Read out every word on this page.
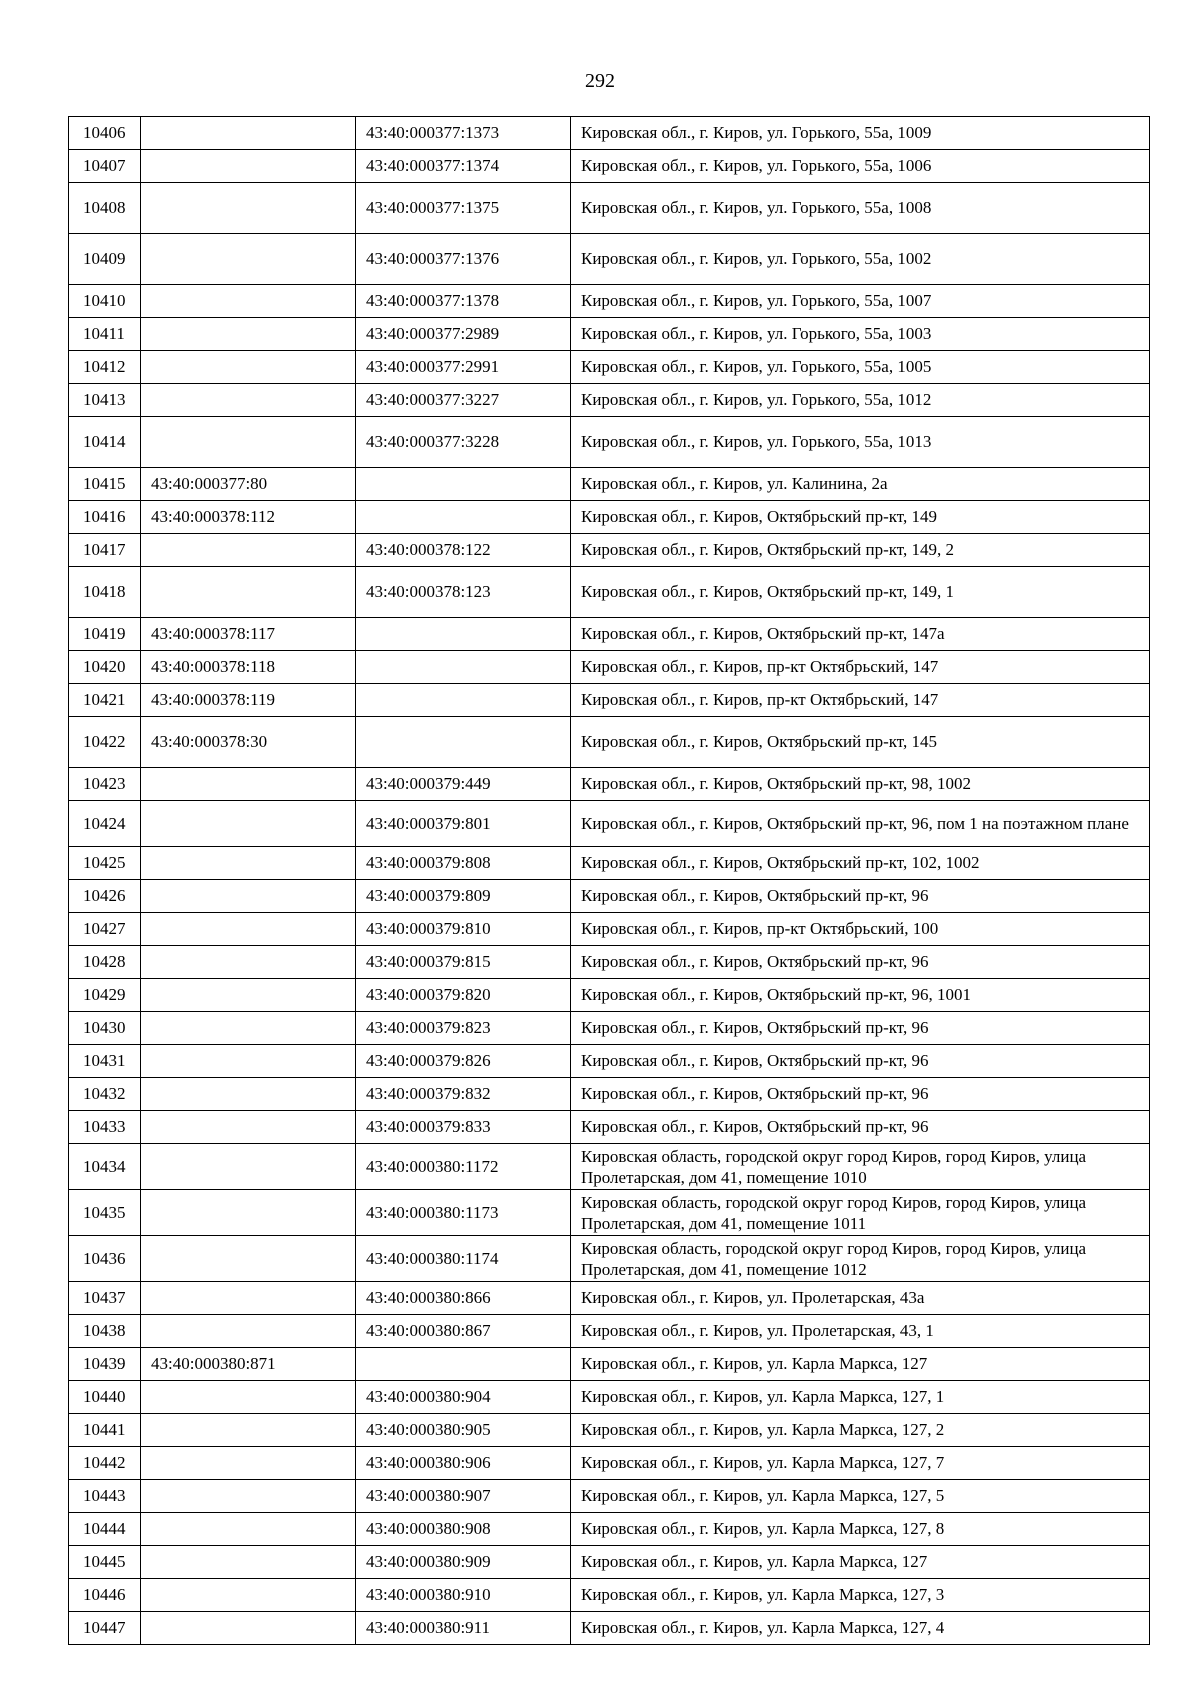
292
10406		43:40:000377:1373	Кировская обл., г. Киров, ул. Горького, 55а, 1009
10407		43:40:000377:1374	Кировская обл., г. Киров, ул. Горького, 55а, 1006
10408		43:40:000377:1375	Кировская обл., г. Киров, ул. Горького, 55а, 1008
10409		43:40:000377:1376	Кировская обл., г. Киров, ул. Горького, 55а, 1002
10410		43:40:000377:1378	Кировская обл., г. Киров, ул. Горького, 55а, 1007
10411		43:40:000377:2989	Кировская обл., г. Киров, ул. Горького, 55а, 1003
10412		43:40:000377:2991	Кировская обл., г. Киров, ул. Горького, 55а, 1005
10413		43:40:000377:3227	Кировская обл., г. Киров, ул. Горького, 55а, 1012
10414		43:40:000377:3228	Кировская обл., г. Киров, ул. Горького, 55а, 1013
10415	43:40:000377:80		Кировская обл., г. Киров, ул. Калинина, 2а
10416	43:40:000378:112		Кировская обл., г. Киров, Октябрьский пр-кт, 149
10417		43:40:000378:122	Кировская обл., г. Киров, Октябрьский пр-кт, 149, 2
10418		43:40:000378:123	Кировская обл., г. Киров, Октябрьский пр-кт, 149, 1
10419	43:40:000378:117		Кировская обл., г. Киров, Октябрьский пр-кт, 147а
10420	43:40:000378:118		Кировская обл., г. Киров, пр-кт Октябрьский, 147
10421	43:40:000378:119		Кировская обл., г. Киров, пр-кт Октябрьский, 147
10422	43:40:000378:30		Кировская обл., г. Киров, Октябрьский пр-кт, 145
10423		43:40:000379:449	Кировская обл., г. Киров, Октябрьский пр-кт, 98, 1002
10424		43:40:000379:801	Кировская обл., г. Киров, Октябрьский пр-кт, 96, пом 1 на поэтажном плане
10425		43:40:000379:808	Кировская обл., г. Киров, Октябрьский пр-кт, 102, 1002
10426		43:40:000379:809	Кировская обл., г. Киров, Октябрьский пр-кт, 96
10427		43:40:000379:810	Кировская обл., г. Киров, пр-кт Октябрьский, 100
10428		43:40:000379:815	Кировская обл., г. Киров, Октябрьский пр-кт, 96
10429		43:40:000379:820	Кировская обл., г. Киров, Октябрьский пр-кт, 96, 1001
10430		43:40:000379:823	Кировская обл., г. Киров, Октябрьский пр-кт, 96
10431		43:40:000379:826	Кировская обл., г. Киров, Октябрьский пр-кт, 96
10432		43:40:000379:832	Кировская обл., г. Киров, Октябрьский пр-кт, 96
10433		43:40:000379:833	Кировская обл., г. Киров, Октябрьский пр-кт, 96
10434		43:40:000380:1172	Кировская область, городской округ город Киров, город Киров, улица Пролетарская, дом 41, помещение 1010
10435		43:40:000380:1173	Кировская область, городской округ город Киров, город Киров, улица Пролетарская, дом 41, помещение 1011
10436		43:40:000380:1174	Кировская область, городской округ город Киров, город Киров, улица Пролетарская, дом 41, помещение 1012
10437		43:40:000380:866	Кировская обл., г. Киров, ул. Пролетарская, 43а
10438		43:40:000380:867	Кировская обл., г. Киров, ул. Пролетарская, 43, 1
10439	43:40:000380:871		Кировская обл., г. Киров, ул. Карла Маркса, 127
10440		43:40:000380:904	Кировская обл., г. Киров, ул. Карла Маркса, 127, 1
10441		43:40:000380:905	Кировская обл., г. Киров, ул. Карла Маркса, 127, 2
10442		43:40:000380:906	Кировская обл., г. Киров, ул. Карла Маркса, 127, 7
10443		43:40:000380:907	Кировская обл., г. Киров, ул. Карла Маркса, 127, 5
10444		43:40:000380:908	Кировская обл., г. Киров, ул. Карла Маркса, 127, 8
10445		43:40:000380:909	Кировская обл., г. Киров, ул. Карла Маркса, 127
10446		43:40:000380:910	Кировская обл., г. Киров, ул. Карла Маркса, 127, 3
10447		43:40:000380:911	Кировская обл., г. Киров, ул. Карла Маркса, 127, 4
